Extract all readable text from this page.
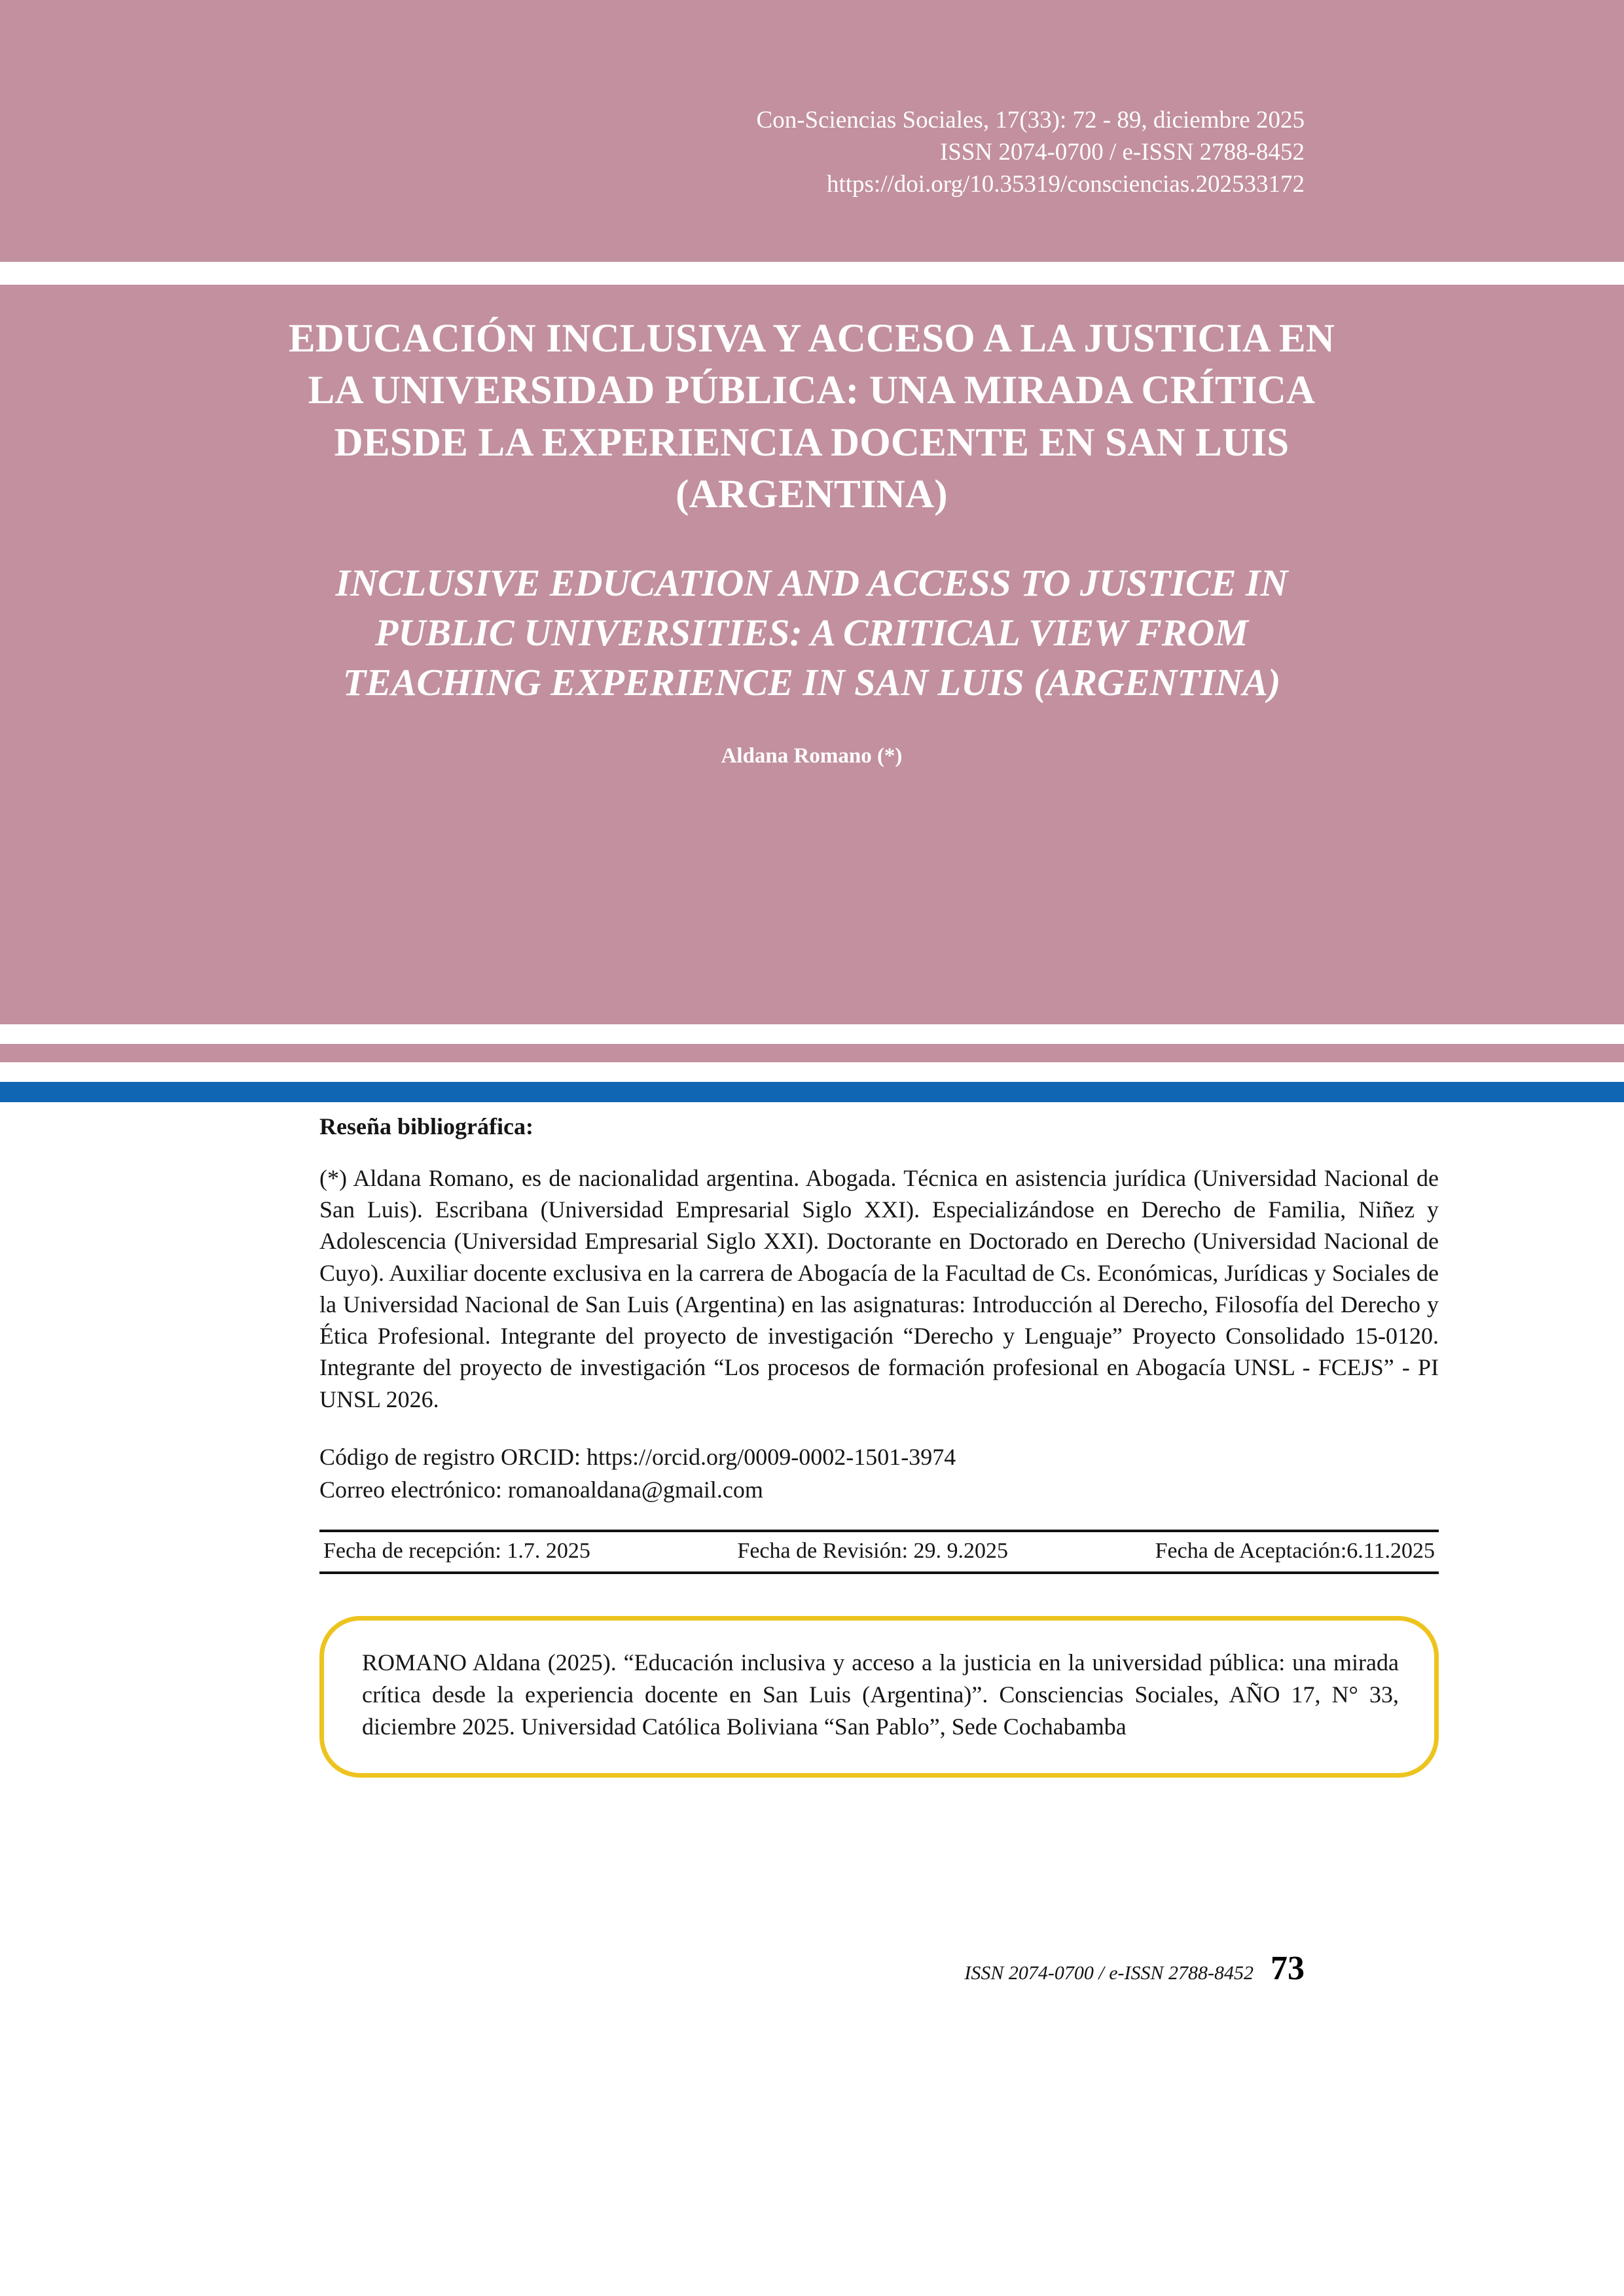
Con-Sciencias Sociales, 17(33): 72 - 89, diciembre 2025
ISSN 2074-0700 / e-ISSN 2788-8452
https://doi.org/10.35319/consciencias.202533172
EDUCACIÓN INCLUSIVA Y ACCESO A LA JUSTICIA EN LA UNIVERSIDAD PÚBLICA: UNA MIRADA CRÍTICA DESDE LA EXPERIENCIA DOCENTE EN SAN LUIS (ARGENTINA)
INCLUSIVE EDUCATION AND ACCESS TO JUSTICE IN PUBLIC UNIVERSITIES: A CRITICAL VIEW FROM TEACHING EXPERIENCE IN SAN LUIS (ARGENTINA)
Aldana Romano (*)
Reseña bibliográfica:

(*) Aldana Romano, es de nacionalidad argentina. Abogada. Técnica en asistencia jurídica (Universidad Nacional de San Luis). Escribana (Universidad Empresarial Siglo XXI). Especializándose en Derecho de Familia, Niñez y Adolescencia (Universidad Empresarial Siglo XXI). Doctorante en Doctorado en Derecho (Universidad Nacional de Cuyo). Auxiliar docente exclusiva en la carrera de Abogacía de la Facultad de Cs. Económicas, Jurídicas y Sociales de la Universidad Nacional de San Luis (Argentina) en las asignaturas: Introducción al Derecho, Filosofía del Derecho y Ética Profesional. Integrante del proyecto de investigación “Derecho y Lenguaje” Proyecto Consolidado 15-0120. Integrante del proyecto de investigación “Los procesos de formación profesional en Abogacía UNSL - FCEJS” - PI UNSL 2026.

Código de registro ORCID: https://orcid.org/0009-0002-1501-3974
Correo electrónico: romanoaldana@gmail.com
Fecha de recepción: 1.7. 2025	Fecha de Revisión: 29. 9.2025	Fecha de Aceptación:6.11.2025

ROMANO Aldana (2025). “Educación inclusiva y acceso a la justicia en la universidad pública: una mirada crítica desde la experiencia docente en San Luis (Argentina)”. Consciencias Sociales, AÑO 17, N° 33, diciembre 2025. Universidad Católica Boliviana “San Pablo”, Sede Cochabamba

ISSN 2074-0700 / e-ISSN 2788-8452 73
